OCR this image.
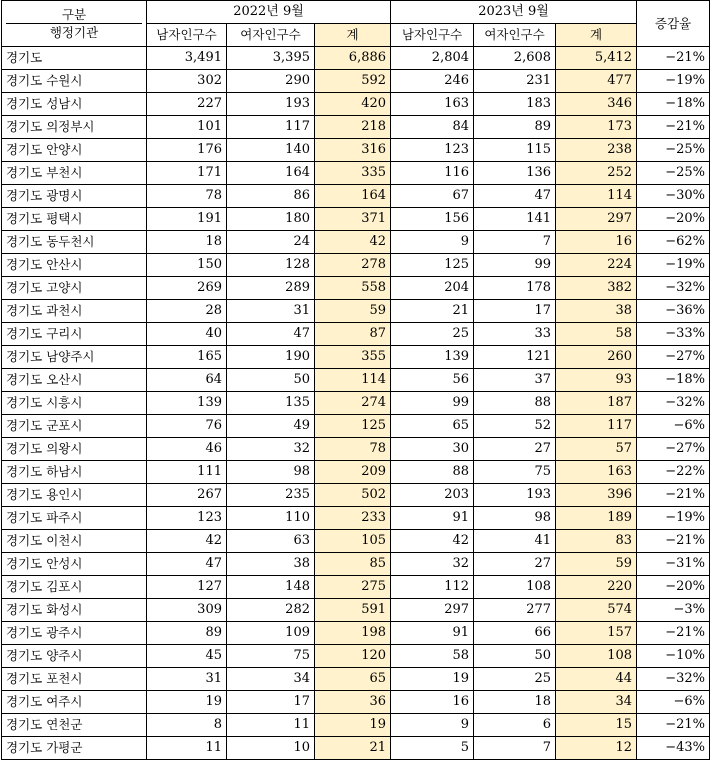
구분
행정기관	2022년 9월			2023년 9월			증감율
	남자인구수	여자인구수	계	남자인구수	여자인구수	계	
경기도	3,491	3,395	6,886	2,804	2,608	5,412	−21%
경기도 수원시	302	290	592	246	231	477	−19%
경기도 성남시	227	193	420	163	183	346	−18%
경기도 의정부시	101	117	218	84	89	173	−21%
경기도 안양시	176	140	316	123	115	238	−25%
경기도 부천시	171	164	335	116	136	252	−25%
경기도 광명시	78	86	164	67	47	114	−30%
경기도 평택시	191	180	371	156	141	297	−20%
경기도 동두천시	18	24	42	9	7	16	−62%
경기도 안산시	150	128	278	125	99	224	−19%
경기도 고양시	269	289	558	204	178	382	−32%
경기도 과천시	28	31	59	21	17	38	−36%
경기도 구리시	40	47	87	25	33	58	−33%
경기도 남양주시	165	190	355	139	121	260	−27%
경기도 오산시	64	50	114	56	37	93	−18%
경기도 시흥시	139	135	274	99	88	187	−32%
경기도 군포시	76	49	125	65	52	117	−6%
경기도 의왕시	46	32	78	30	27	57	−27%
경기도 하남시	111	98	209	88	75	163	−22%
경기도 용인시	267	235	502	203	193	396	−21%
경기도 파주시	123	110	233	91	98	189	−19%
경기도 이천시	42	63	105	42	41	83	−21%
경기도 안성시	47	38	85	32	27	59	−31%
경기도 김포시	127	148	275	112	108	220	−20%
경기도 화성시	309	282	591	297	277	574	−3%
경기도 광주시	89	109	198	91	66	157	−21%
경기도 양주시	45	75	120	58	50	108	−10%
경기도 포천시	31	34	65	19	25	44	−32%
경기도 여주시	19	17	36	16	18	34	−6%
경기도 연천군	8	11	19	9	6	15	−21%
경기도 가평군	11	10	21	5	7	12	−43%
